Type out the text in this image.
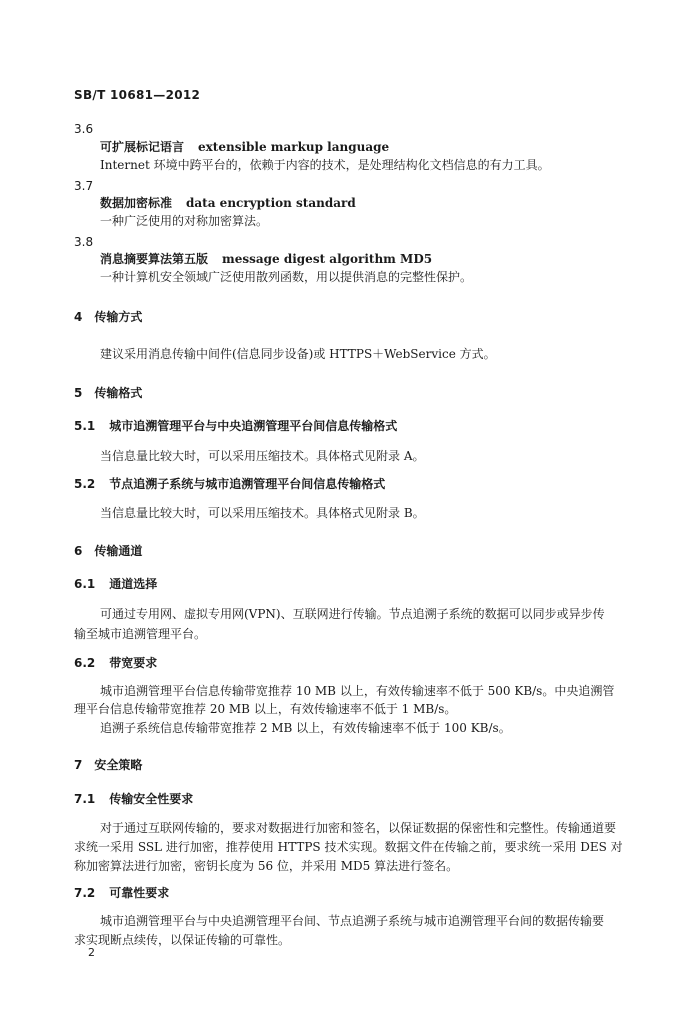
SB/T 10681—2012
3.6
可扩展标记语言 extensible markup language
Internet 环境中跨平台的，依赖于内容的技术，是处理结构化文档信息的有力工具。
3.7
数据加密标准 data encryption standard
一种广泛使用的对称加密算法。
3.8
消息摘要算法第五版 message digest algorithm MD5
一种计算机安全领域广泛使用散列函数，用以提供消息的完整性保护。
4 传输方式
建议采用消息传输中间件(信息同步设备)或 HTTPS＋WebService 方式。
5 传输格式
5.1 城市追溯管理平台与中央追溯管理平台间信息传输格式
当信息量比较大时，可以采用压缩技术。具体格式见附录 A。
5.2 节点追溯子系统与城市追溯管理平台间信息传输格式
当信息量比较大时，可以采用压缩技术。具体格式见附录 B。
6 传输通道
6.1 通道选择
可通过专用网、虚拟专用网(VPN)、互联网进行传输。节点追溯子系统的数据可以同步或异步传
输至城市追溯管理平台。
6.2 带宽要求
城市追溯管理平台信息传输带宽推荐 10 MB 以上，有效传输速率不低于 500 KB/s。中央追溯管
理平台信息传输带宽推荐 20 MB 以上，有效传输速率不低于 1 MB/s。
追溯子系统信息传输带宽推荐 2 MB 以上，有效传输速率不低于 100 KB/s。
7 安全策略
7.1 传输安全性要求
对于通过互联网传输的，要求对数据进行加密和签名，以保证数据的保密性和完整性。传输通道要
求统一采用 SSL 进行加密，推荐使用 HTTPS 技术实现。数据文件在传输之前，要求统一采用 DES 对
称加密算法进行加密，密钥长度为 56 位，并采用 MD5 算法进行签名。
7.2 可靠性要求
城市追溯管理平台与中央追溯管理平台间、节点追溯子系统与城市追溯管理平台间的数据传输要
求实现断点续传，以保证传输的可靠性。
2
